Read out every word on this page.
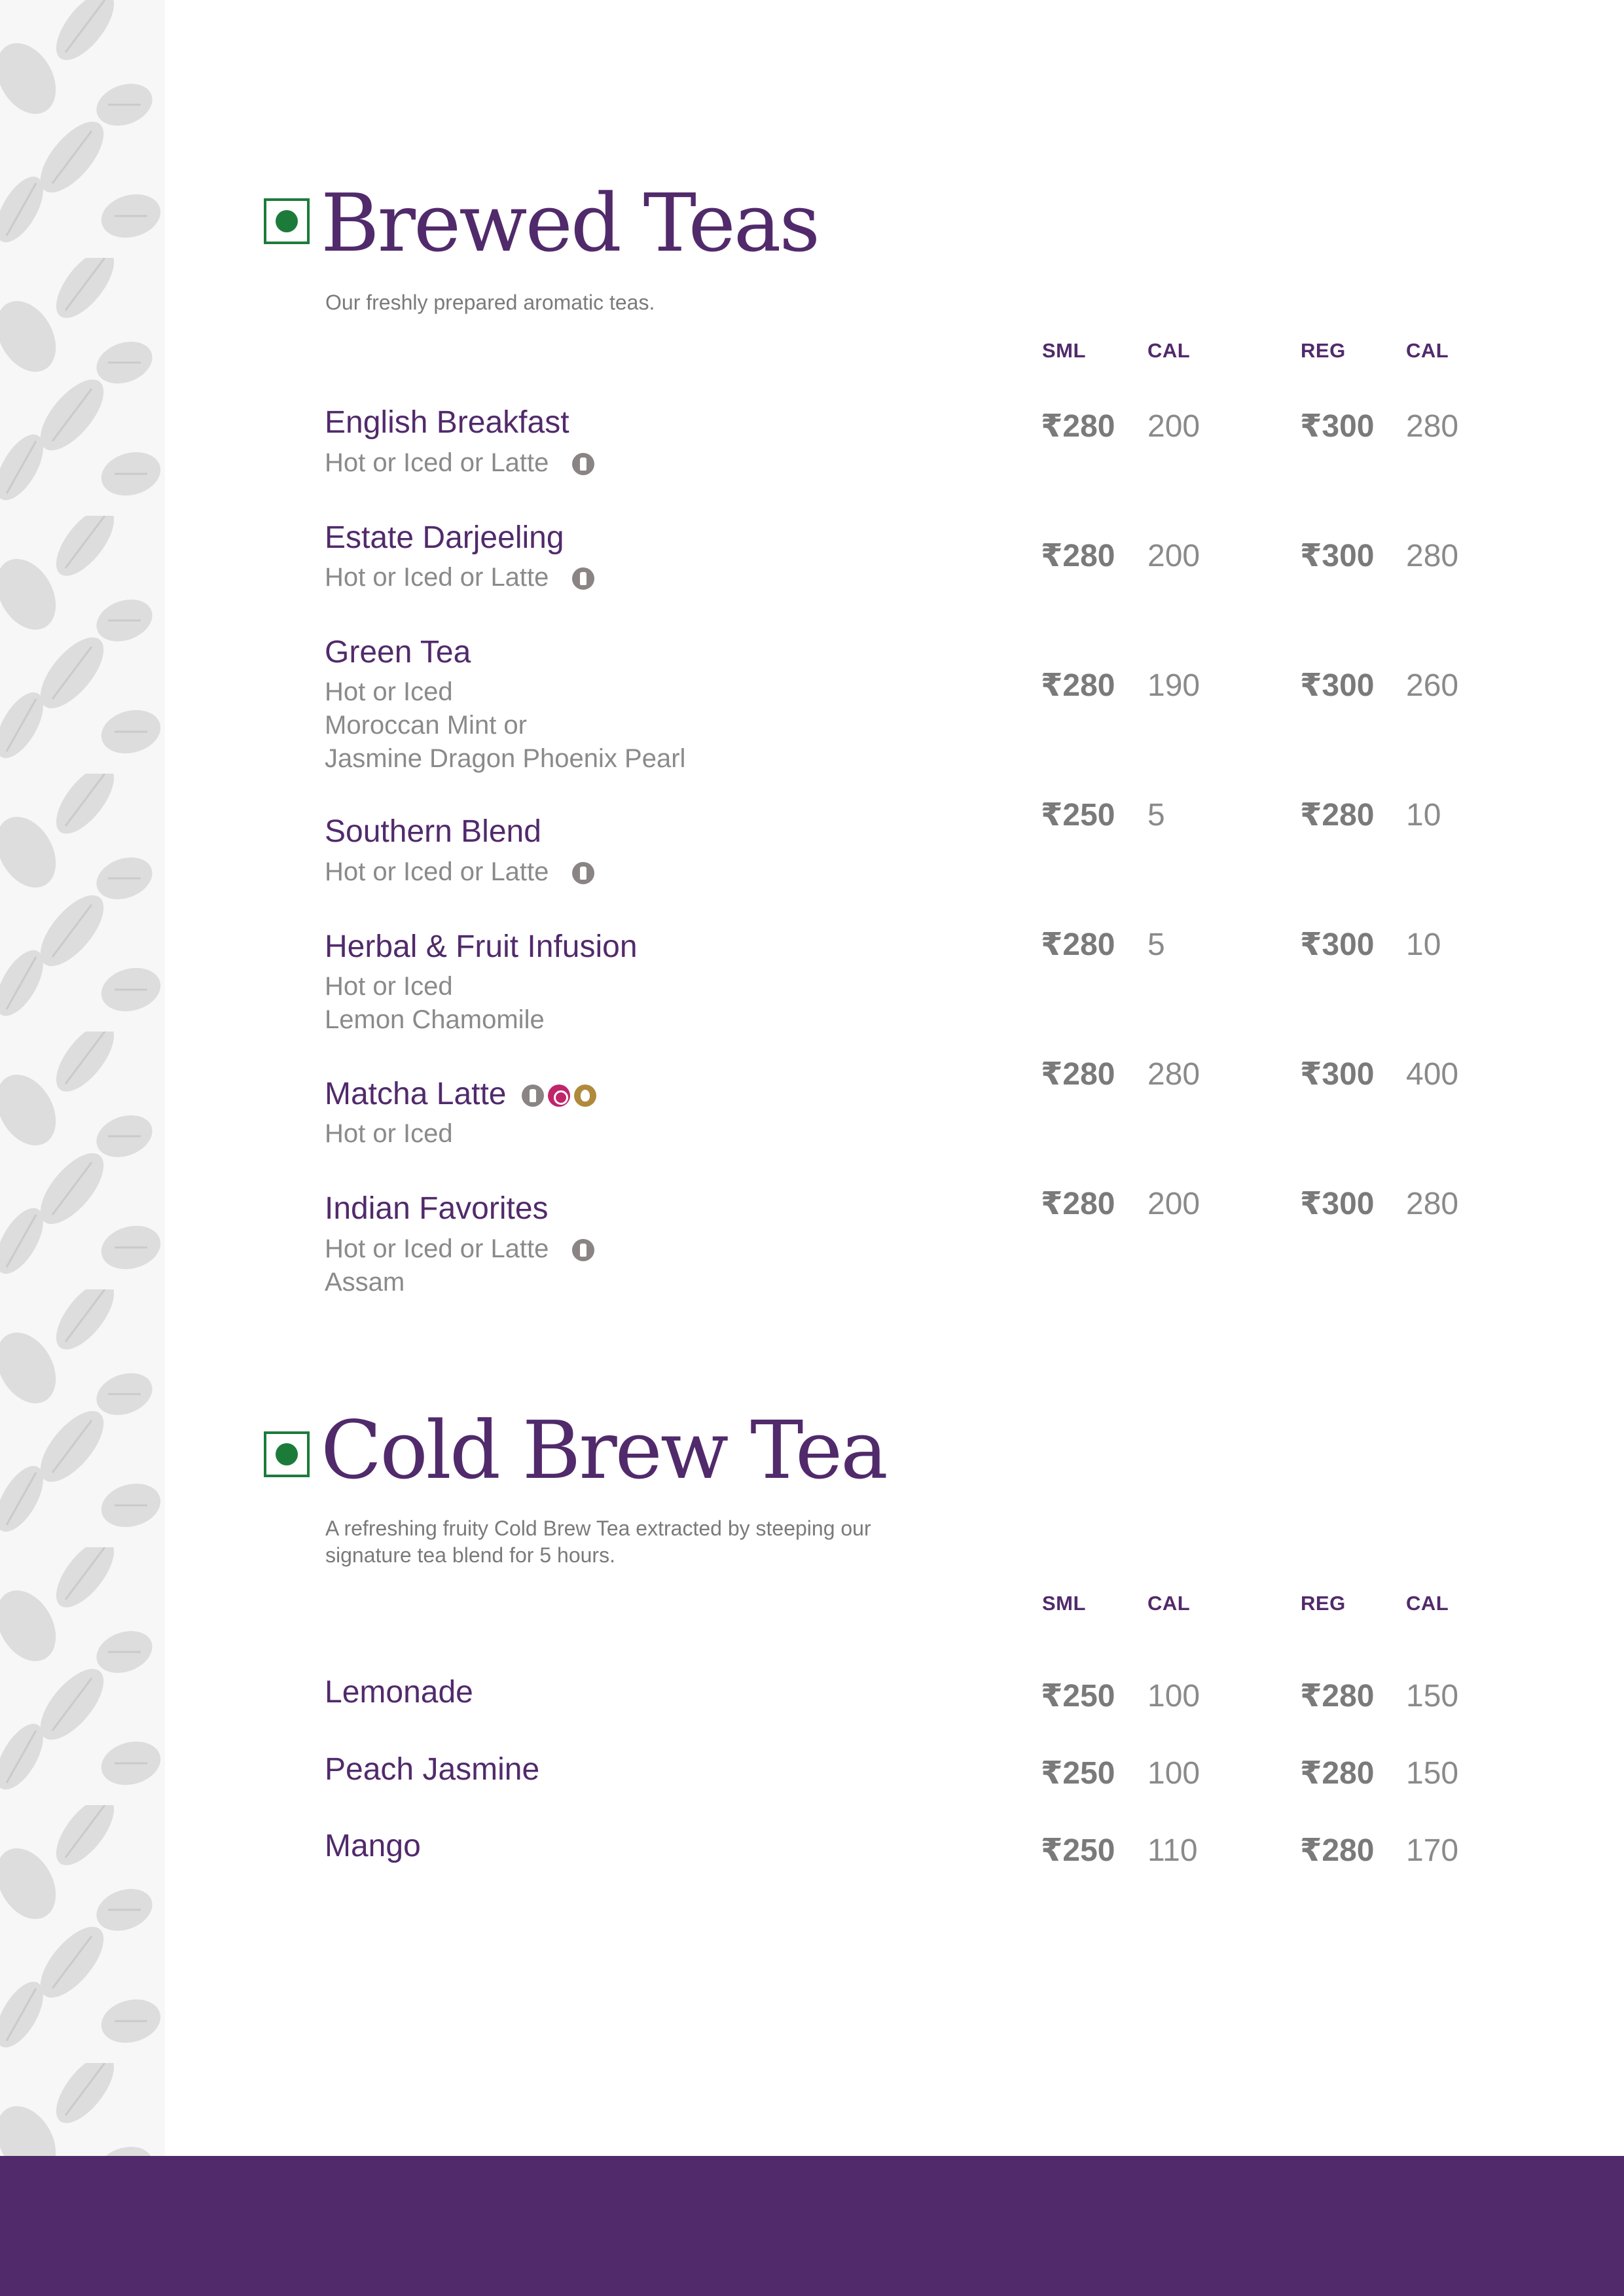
Brewed Teas
Our freshly prepared aromatic teas.
SML	CAL	REG	CAL
English Breakfast
Hot or Iced or Latte
₹280 200	₹300 280
Estate Darjeeling
Hot or Iced or Latte
₹280 200	₹300 280
Green Tea
Hot or Iced
Moroccan Mint or
Jasmine Dragon Phoenix Pearl
₹280 190	₹300 260
Southern Blend
Hot or Iced or Latte
₹250 5	₹280 10
Herbal & Fruit Infusion
Hot or Iced
Lemon Chamomile
₹280 5	₹300 10
Matcha Latte
Hot or Iced
₹280 280	₹300 400
Indian Favorites
Hot or Iced or Latte
Assam
₹280 200	₹300 280
Cold Brew Tea
A refreshing fruity Cold Brew Tea extracted by steeping our signature tea blend for 5 hours.
SML	CAL	REG	CAL
Lemonade	₹250 100	₹280 150
Peach Jasmine	₹250 100	₹280 150
Mango	₹250 110	₹280 170
